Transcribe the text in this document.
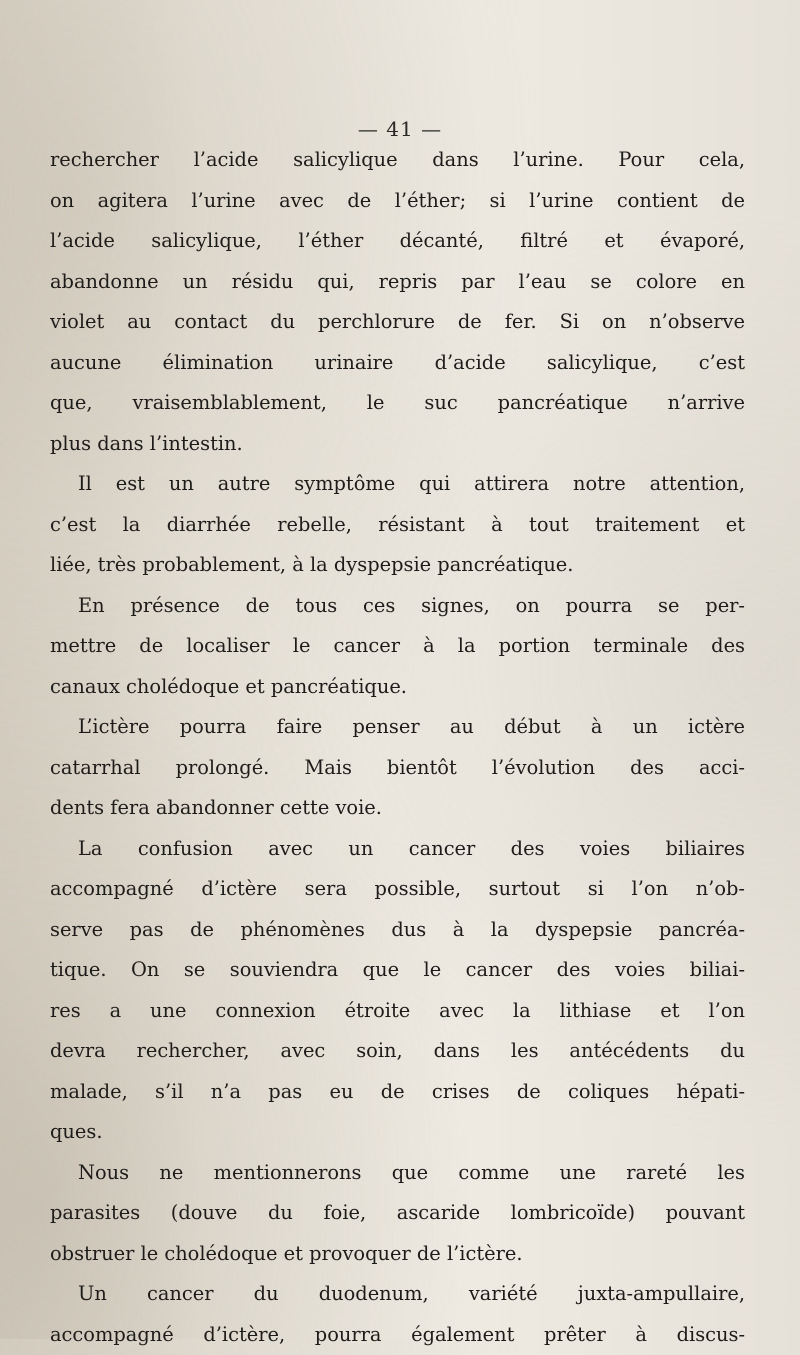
— 41 —
rechercher l’acide salicylique dans l’urine. Pour cela,
on agitera l’urine avec de l’éther; si l’urine contient de
l’acide salicylique, l’éther décanté, filtré et évaporé,
abandonne un résidu qui, repris par l’eau se colore en
violet au contact du perchlorure de fer. Si on n’observe
aucune élimination urinaire d’acide salicylique, c’est
que, vraisemblablement, le suc pancréatique n’arrive
plus dans l’intestin.
Il est un autre symptôme qui attirera notre attention,
c’est la diarrhée rebelle, résistant à tout traitement et
liée, très probablement, à la dyspepsie pancréatique.
En présence de tous ces signes, on pourra se per-
mettre de localiser le cancer à la portion terminale des
canaux cholédoque et pancréatique.
L’ictère pourra faire penser au début à un ictère
catarrhal prolongé. Mais bientôt l’évolution des acci-
dents fera abandonner cette voie.
La confusion avec un cancer des voies biliaires
accompagné d’ictère sera possible, surtout si l’on n’ob-
serve pas de phénomènes dus à la dyspepsie pancréa-
tique. On se souviendra que le cancer des voies biliai-
res a une connexion étroite avec la lithiase et l’on
devra rechercher, avec soin, dans les antécédents du
malade, s’il n’a pas eu de crises de coliques hépati-
ques.
Nous ne mentionnerons que comme une rareté les
parasites (douve du foie, ascaride lombricoïde) pouvant
obstruer le cholédoque et provoquer de l’ictère.
Un cancer du duodenum, variété juxta-ampullaire,
accompagné d’ictère, pourra également prêter à discus-
